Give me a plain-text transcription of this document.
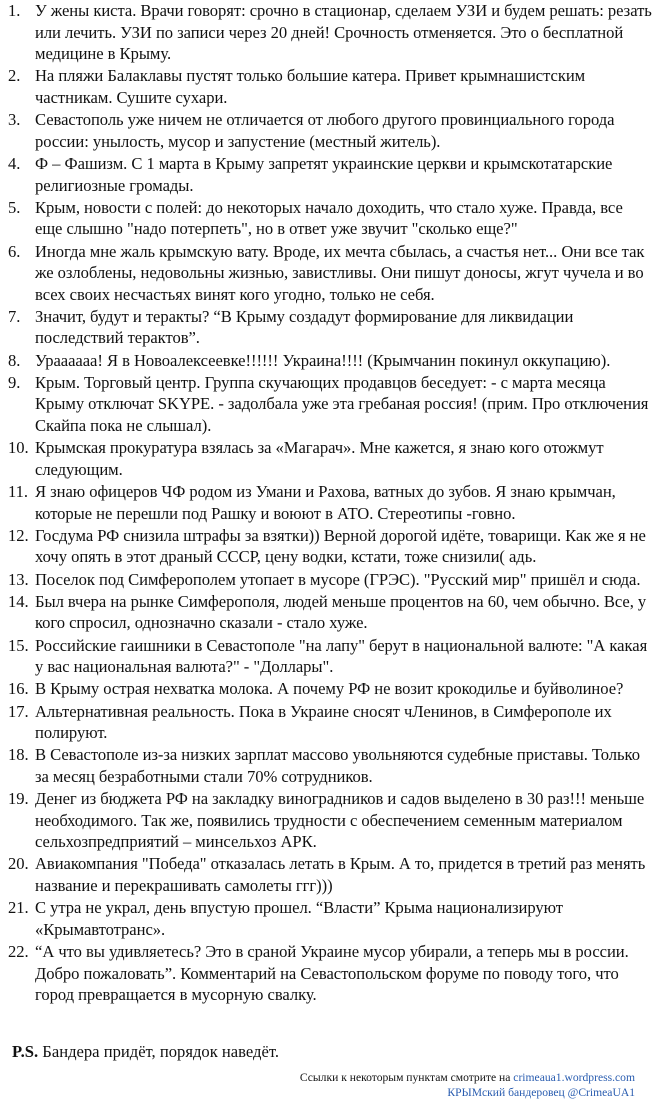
1. У жены киста. Врачи говорят: срочно в стационар, сделаем УЗИ и будем решать: резать или лечить. УЗИ по записи через 20 дней! Срочность отменяется. Это о бесплатной медицине в Крыму.
2. На пляжи Балаклавы пустят только большие катера. Привет крымнашистским частникам. Сушите сухари.
3. Севастополь уже ничем не отличается от любого другого провинциального города россии: унылость, мусор и запустение (местный житель).
4. Ф – Фашизм. С 1 марта в Крыму запретят украинские церкви и крымскотатарские религиозные громады.
5. Крым, новости с полей: до некоторых начало доходить, что стало хуже. Правда, все еще слышно "надо потерпеть", но в ответ уже звучит "сколько еще?"
6. Иногда мне жаль крымскую вату. Вроде, их мечта сбылась, а счастья нет... Они все так же озлоблены, недовольны жизнью, завистливы. Они пишут доносы, жгут чучела и во всех своих несчастьях винят кого угодно, только не себя.
7. Значит, будут и теракты? “В Крыму создадут формирование для ликвидации последствий терактов”.
8. Ураааааа! Я в Новоалексеевке!!!!!! Украина!!!! (Крымчанин покинул оккупацию).
9. Крым. Торговый центр. Группа скучающих продавцов беседует: - с марта месяца Крыму отключат SKYPE. - задолбала уже эта гребаная россия! (прим. Про отключения Скайпа пока не слышал).
10. Крымская прокуратура взялась за «Магарач». Мне кажется, я знаю кого отожмут следующим.
11. Я знаю офицеров ЧФ родом из Умани и Рахова, ватных до зубов. Я знаю крымчан, которые не перешли под Рашку и воюют в АТО. Стереотипы -говно.
12. Госдума РФ снизила штрафы за взятки)) Верной дорогой идёте, товарищи. Как же я не хочу опять в этот драный СССР, цену водки, кстати, тоже снизили( адь.
13. Поселок под Симферополем утопает в мусоре (ГРЭС). "Русский мир" пришёл и сюда.
14. Был вчера на рынке Симферополя, людей меньше процентов на 60, чем обычно. Все, у кого спросил, однозначно сказали - стало хуже.
15. Российские гаишники в Севастополе "на лапу" берут в национальной валюте: "А какая у вас национальная валюта?" - "Доллары".
16. В Крыму острая нехватка молока. А почему РФ не возит крокодилье и буйволиное?
17. Альтернативная реальность. Пока в Украине сносят чЛенинов, в Симферополе их полируют.
18. В Севастополе из-за низких зарплат массово увольняются судебные приставы. Только за месяц безработными стали 70% сотрудников.
19. Денег из бюджета РФ на закладку виноградников и садов выделено в 30 раз!!! меньше необходимого. Так же, появились трудности с обеспечением семенным материалом сельхозпредприятий – минсельхоз АРК.
20. Авиакомпания "Победа" отказалась летать в Крым. А то, придется в третий раз менять название и перекрашивать самолеты ггг)))
21. С утра не украл, день впустую прошел. “Власти” Крыма национализируют «Крымавтотранс».
22. “А что вы удивляетесь? Это в сраной Украине мусор убирали, а теперь мы в россии. Добро пожаловать”. Комментарий на Севастопольском форуме по поводу того, что город превращается в мусорную свалку.
P.S. Бандера придёт, порядок наведёт.
Ссылки к некоторым пунктам смотрите на crimeaua1.wordpress.com
КРЫМский бандеровец @CrimeaUA1
